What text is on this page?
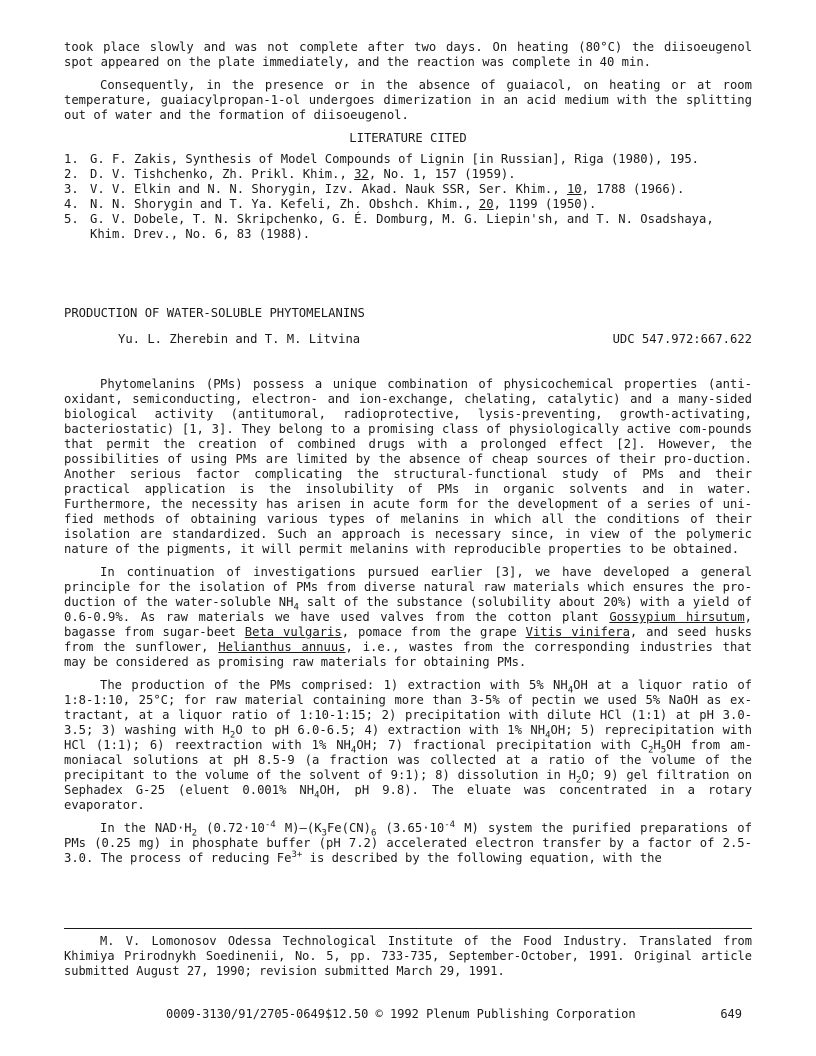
took place slowly and was not complete after two days. On heating (80°C) the diisoeugenol spot appeared on the plate immediately, and the reaction was complete in 40 min.

Consequently, in the presence or in the absence of guaiacol, on heating or at room temperature, guaiacylpropan-1-ol undergoes dimerization in an acid medium with the splitting out of water and the formation of diisoeugenol.

LITERATURE CITED

1. G. F. Zakis, Synthesis of Model Compounds of Lignin [in Russian], Riga (1980), 195.
2. D. V. Tishchenko, Zh. Prikl. Khim., 32, No. 1, 157 (1959).
3. V. V. Elkin and N. N. Shorygin, Izv. Akad. Nauk SSR, Ser. Khim., 10, 1788 (1966).
4. N. N. Shorygin and T. Ya. Kefeli, Zh. Obshch. Khim., 20, 1199 (1950).
5. G. V. Dobele, T. N. Skripchenko, G. É. Domburg, M. G. Liepin'sh, and T. N. Osadshaya, Khim. Drev., No. 6, 83 (1988).

PRODUCTION OF WATER-SOLUBLE PHYTOMELANINS

Yu. L. Zherebin and T. M. Litvina	UDC 547.972:667.622

Phytomelanins (PMs) possess a unique combination of physicochemical properties (anti-oxidant, semiconducting, electron- and ion-exchange, chelating, catalytic) and a many-sided biological activity (antitumoral, radioprotective, lysis-preventing, growth-activating, bacteriostatic) [1, 3]. They belong to a promising class of physiologically active com-pounds that permit the creation of combined drugs with a prolonged effect [2]. However, the possibilities of using PMs are limited by the absence of cheap sources of their pro-duction. Another serious factor complicating the structural-functional study of PMs and their practical application is the insolubility of PMs in organic solvents and in water. Furthermore, the necessity has arisen in acute form for the development of a series of uni-fied methods of obtaining various types of melanins in which all the conditions of their isolation are standardized. Such an approach is necessary since, in view of the polymeric nature of the pigments, it will permit melanins with reproducible properties to be obtained.

In continuation of investigations pursued earlier [3], we have developed a general principle for the isolation of PMs from diverse natural raw materials which ensures the pro-duction of the water-soluble $NH_4$ salt of the substance (solubility about 20%) with a yield of 0.6-0.9%. As raw materials we have used valves from the cotton plant Gossypium hirsutum, bagasse from sugar-beet Beta vulgaris, pomace from the grape Vitis vinifera, and seed husks from the sunflower, Helianthus annuus, i.e., wastes from the corresponding industries that may be considered as promising raw materials for obtaining PMs.

The production of the PMs comprised: 1) extraction with 5% $NH_4OH$ at a liquor ratio of 1:8-1:10, 25°C; for raw material containing more than 3-5% of pectin we used 5% NaOH as ex-tractant, at a liquor ratio of 1:10-1:15; 2) precipitation with dilute HCl (1:1) at pH 3.0-3.5; 3) washing with $H_2O$ to pH 6.0-6.5; 4) extraction with 1% $NH_4OH$; 5) reprecipitation with HCl (1:1); 6) reextraction with 1% $NH_4OH$; 7) fractional precipitation with $C_2H_5OH$ from am-moniacal solutions at pH 8.5-9 (a fraction was collected at a ratio of the volume of the precipitant to the volume of the solvent of 9:1); 8) dissolution in $H_2O$; 9) gel filtration on Sephadex G-25 (eluent 0.001% $NH_4OH$, pH 9.8). The eluate was concentrated in a rotary evaporator.

In the $NAD\cdot H_2$ ($0.72\cdot 10^{-4}$ $M)—(K_3Fe(CN)_6$ ($3.65\cdot 10^{-4}$ M) system the purified preparations of PMs (0.25 mg) in phosphate buffer (pH 7.2) accelerated electron transfer by a factor of 2.5-3.0. The process of reducing $Fe^{3+}$ is described by the following equation, with the

M. V. Lomonosov Odessa Technological Institute of the Food Industry. Translated from Khimiya Prirodnykh Soedinenii, No. 5, pp. 733-735, September-October, 1991. Original article submitted August 27, 1990; revision submitted March 29, 1991.

0009-3130/91/2705-0649$12.50 © 1992 Plenum Publishing Corporation	649
